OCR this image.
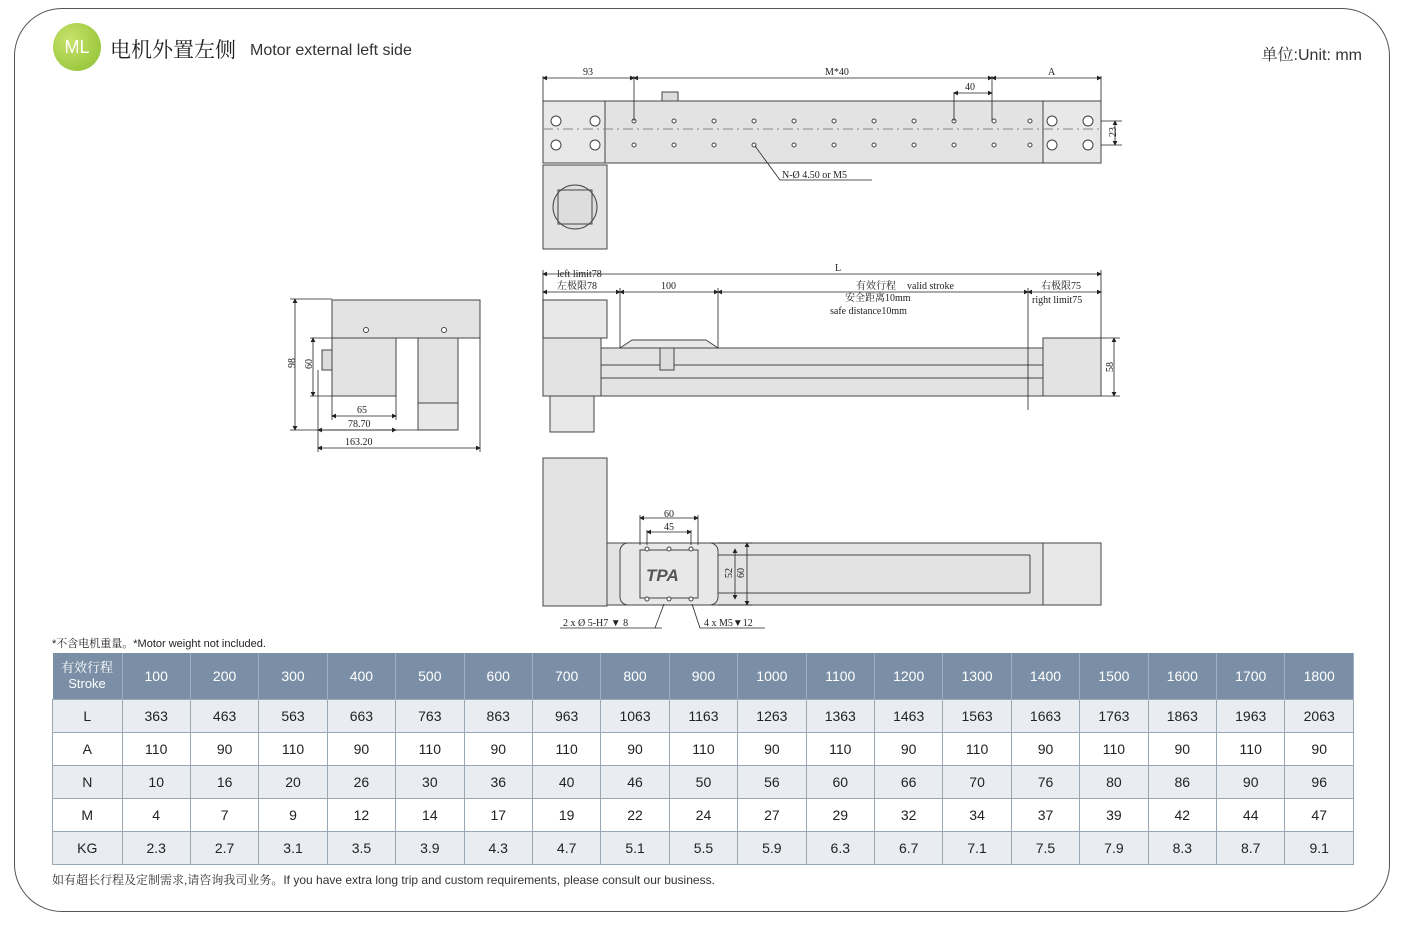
ML 电机外置左侧 Motor external left side	单位:Unit: mm
93	M*40	A
40
23
N-Ø 4.50 or M5
98 60
65
78.70
163.20
L
left limit78
左极限78	100	有效行程 valid stroke
安全距离10mm
safe distance10mm
右极限75
right limit75
58
TPA
60
45
52 60
2 x Ø 5-H7 ▼ 8	4 x M5▼12
*不含电机重量。*Motor weight not included.
有效行程
Stroke	100	200	300	400	500	600	700	800	900	1000	1100	1200	1300	1400	1500	1600	1700	1800
L	363	463	563	663	763	863	963	1063	1163	1263	1363	1463	1563	1663	1763	1863	1963	2063
A	110	90	110	90	110	90	110	90	110	90	110	90	110	90	110	90	110	90
N	10	16	20	26	30	36	40	46	50	56	60	66	70	76	80	86	90	96
M	4	7	9	12	14	17	19	22	24	27	29	32	34	37	39	42	44	47
KG	2.3	2.7	3.1	3.5	3.9	4.3	4.7	5.1	5.5	5.9	6.3	6.7	7.1	7.5	7.9	8.3	8.7	9.1
如有超长行程及定制需求,请咨询我司业务。If you have extra long trip and custom requirements, please consult our business.
